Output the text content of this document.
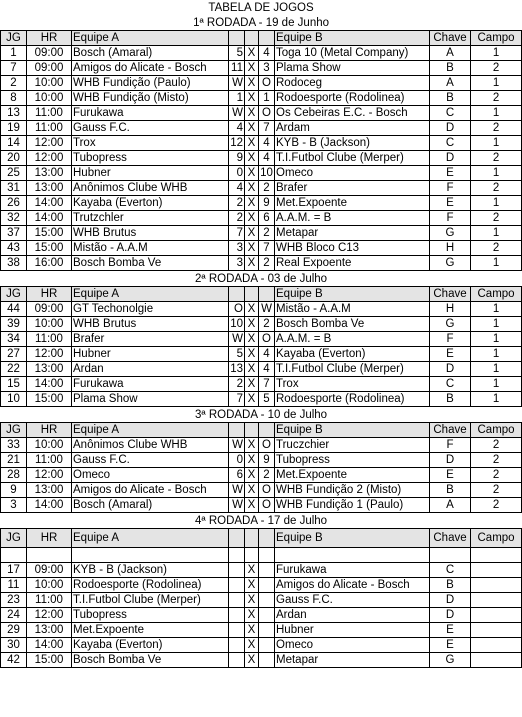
TABELA DE JOGOS								
1ª RODADA - 19 de Junho								
JG	HR	Equipe A				Equipe B	Chave	Campo
1	09:00	Bosch (Amaral)	5	X	4	Toga 10 (Metal Company)	A	1
7	09:00	Amigos do Alicate - Bosch	11	X	3	Plama Show	B	2
2	10:00	WHB Fundição (Paulo)	W	X	O	Rodoceg	A	1
8	10:00	WHB Fundição (Misto)	1	X	1	Rodoesporte (Rodolinea)	B	2
13	11:00	Furukawa	W	X	O	Os Cebeiras E.C. - Bosch	C	1
19	11:00	Gauss F.C.	4	X	7	Ardam	D	2
14	12:00	Trox	12	X	4	KYB - B (Jackson)	C	1
20	12:00	Tubopress	9	X	4	T.I.Futbol Clube (Merper)	D	2
25	13:00	Hubner	0	X	10	Omeco	E	1
31	13:00	Anônimos Clube WHB	4	X	2	Brafer	F	2
26	14:00	Kayaba (Everton)	2	X	9	Met.Expoente	E	1
32	14:00	Trutzchler	2	X	6	A.A.M. = B	F	2
37	15:00	WHB Brutus	7	X	2	Metapar	G	1
43	15:00	Mistão - A.A.M	3	X	7	WHB Bloco C13	H	2
38	16:00	Bosch Bomba Ve	3	X	2	Real Expoente	G	1
2ª RODADA - 03 de Julho								
JG	HR	Equipe A				Equipe B	Chave	Campo
44	09:00	GT Techonolgie	O	X	W	Mistão - A.A.M	H	1
39	10:00	WHB Brutus	10	X	2	Bosch Bomba Ve	G	1
34	11:00	Brafer	W	X	O	A.A.M. = B	F	1
27	12:00	Hubner	5	X	4	Kayaba (Everton)	E	1
22	13:00	Ardan	13	X	4	T.I.Futbol Clube (Merper)	D	1
15	14:00	Furukawa	2	X	7	Trox	C	1
10	15:00	Plama Show	7	X	5	Rodoesporte (Rodolinea)	B	1
3ª RODADA - 10 de Julho								
JG	HR	Equipe A				Equipe B	Chave	Campo
33	10:00	Anônimos Clube WHB	W	X	O	Truczchier	F	2
21	11:00	Gauss F.C.	0	X	9	Tubopress	D	2
28	12:00	Omeco	6	X	2	Met.Expoente	E	2
9	13:00	Amigos do Alicate - Bosch	W	X	O	WHB Fundição 2 (Misto)	B	2
3	14:00	Bosch (Amaral)	W	X	O	WHB Fundição 1 (Paulo)	A	2
4ª RODADA - 17 de Julho								
JG	HR	Equipe A				Equipe B	Chave	Campo

17	09:00	KYB - B (Jackson)		X		Furukawa	C	
11	10:00	Rodoesporte (Rodolinea)		X		Amigos do Alicate - Bosch	B	
23	11:00	T.I.Futbol Clube (Merper)		X		Gauss F.C.	D	
24	12:00	Tubopress		X		Ardan	D	
29	13:00	Met.Expoente		X		Hubner	E	
30	14:00	Kayaba (Everton)		X		Omeco	E	
42	15:00	Bosch Bomba Ve		X		Metapar	G	
